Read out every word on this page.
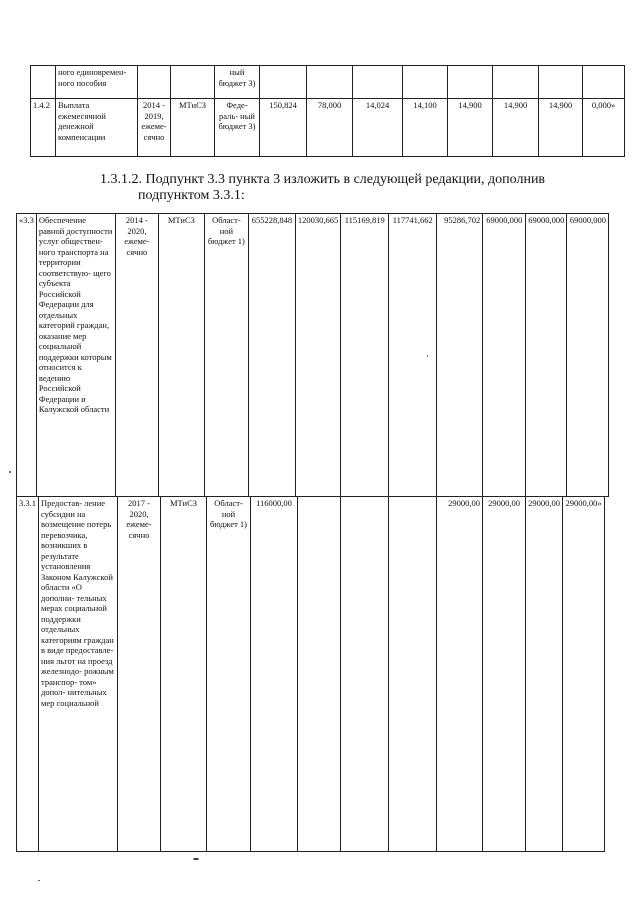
	ного единовремен- ного пособия			ный бюджет 3)								
1.4.2	Выплата ежемесячной денежной компенсации	2014 - 2019, ежеме- сячно	МТиСЗ	Феде- раль- ный бюджет 3)	150,824	78,000	14,024	14,100	14,900	14,900	14,900	0,000»
1.3.1.2. Подпункт 3.3 пункта 3 изложить в следующей редакции, дополнив
подпунктом 3.3.1:
«3.3	Обеспечение равной доступности услуг обществен- ного транспорта на территории соответствую- щего субъекта Российской Федерации для отдельных категорий граждан, оказание мер социальной поддержки которым относится к ведению Российской Федерации и Калужской области	2014 - 2020, ежеме- сячно	МТиСЗ	Област- ной бюджет 1)	655228,848	120030,665	115169,819	117741,662	95286,702	69000,000	69000,000	69000,000
3.3.1	Предостав- ление субсидии на возмещение потерь перевозчика, возникших в результате установления Законом Калужской области «О дополни- тельных мерах социальной поддержки отдельных категориям граждан в виде предоставле- ния льгот на проезд железнодо- рожным транспор- том» допол- нительных мер социальной	2017 - 2020, ежеме- сячно	МТиСЗ	Област- ной бюджет 1)	116000,00				29000,00	29000,00	29000,00	29000,00»
